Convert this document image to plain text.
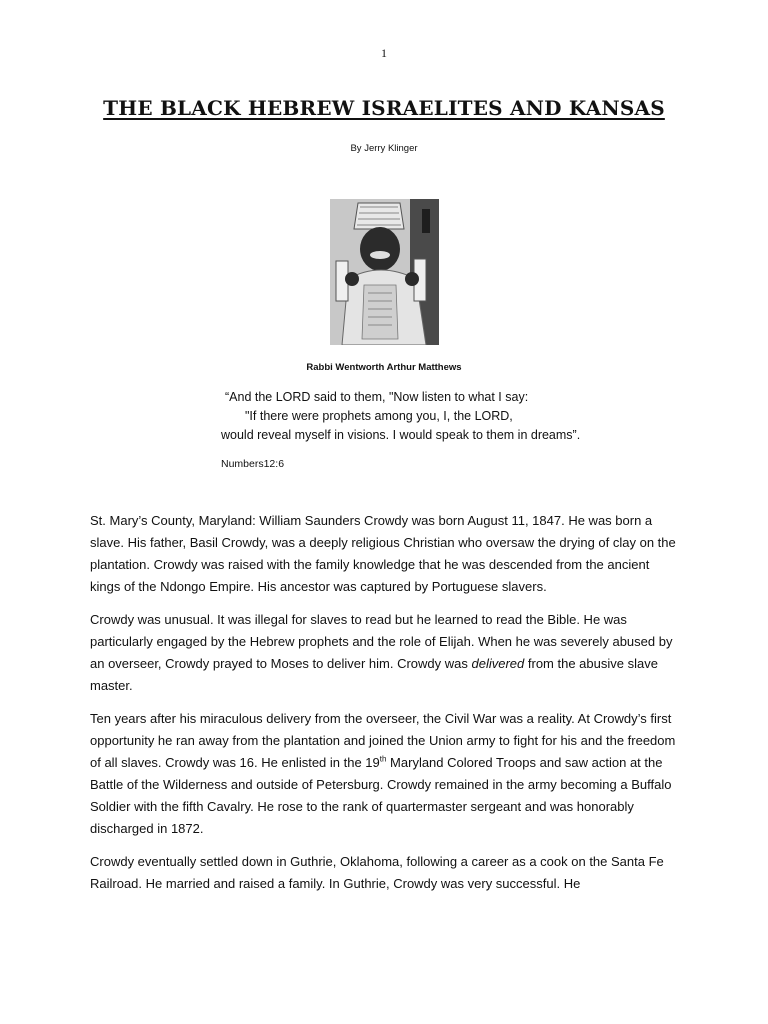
1
THE BLACK HEBREW ISRAELITES AND KANSAS
By Jerry Klinger
Rabbi Wentworth Arthur Matthews
“And the LORD said to them, "Now listen to what I say:
"If there were prophets among you, I, the LORD,
would reveal myself in visions. I would speak to them in dreams”.
Numbers12:6

St. Mary’s County, Maryland: William Saunders Crowdy was born August 11, 1847. He was born a slave. His father, Basil Crowdy, was a deeply religious Christian who oversaw the drying of clay on the plantation. Crowdy was raised with the family knowledge that he was descended from the ancient kings of the Ndongo Empire. His ancestor was captured by Portuguese slavers.

Crowdy was unusual. It was illegal for slaves to read but he learned to read the Bible. He was particularly engaged by the Hebrew prophets and the role of Elijah. When he was severely abused by an overseer, Crowdy prayed to Moses to deliver him. Crowdy was delivered from the abusive slave master.

Ten years after his miraculous delivery from the overseer, the Civil War was a reality. At Crowdy’s first opportunity he ran away from the plantation and joined the Union army to fight for his and the freedom of all slaves. Crowdy was 16. He enlisted in the 19th Maryland Colored Troops and saw action at the Battle of the Wilderness and outside of Petersburg. Crowdy remained in the army becoming a Buffalo Soldier with the fifth Cavalry. He rose to the rank of quartermaster sergeant and was honorably discharged in 1872.

Crowdy eventually settled down in Guthrie, Oklahoma, following a career as a cook on the Santa Fe Railroad. He married and raised a family. In Guthrie, Crowdy was very successful. He
